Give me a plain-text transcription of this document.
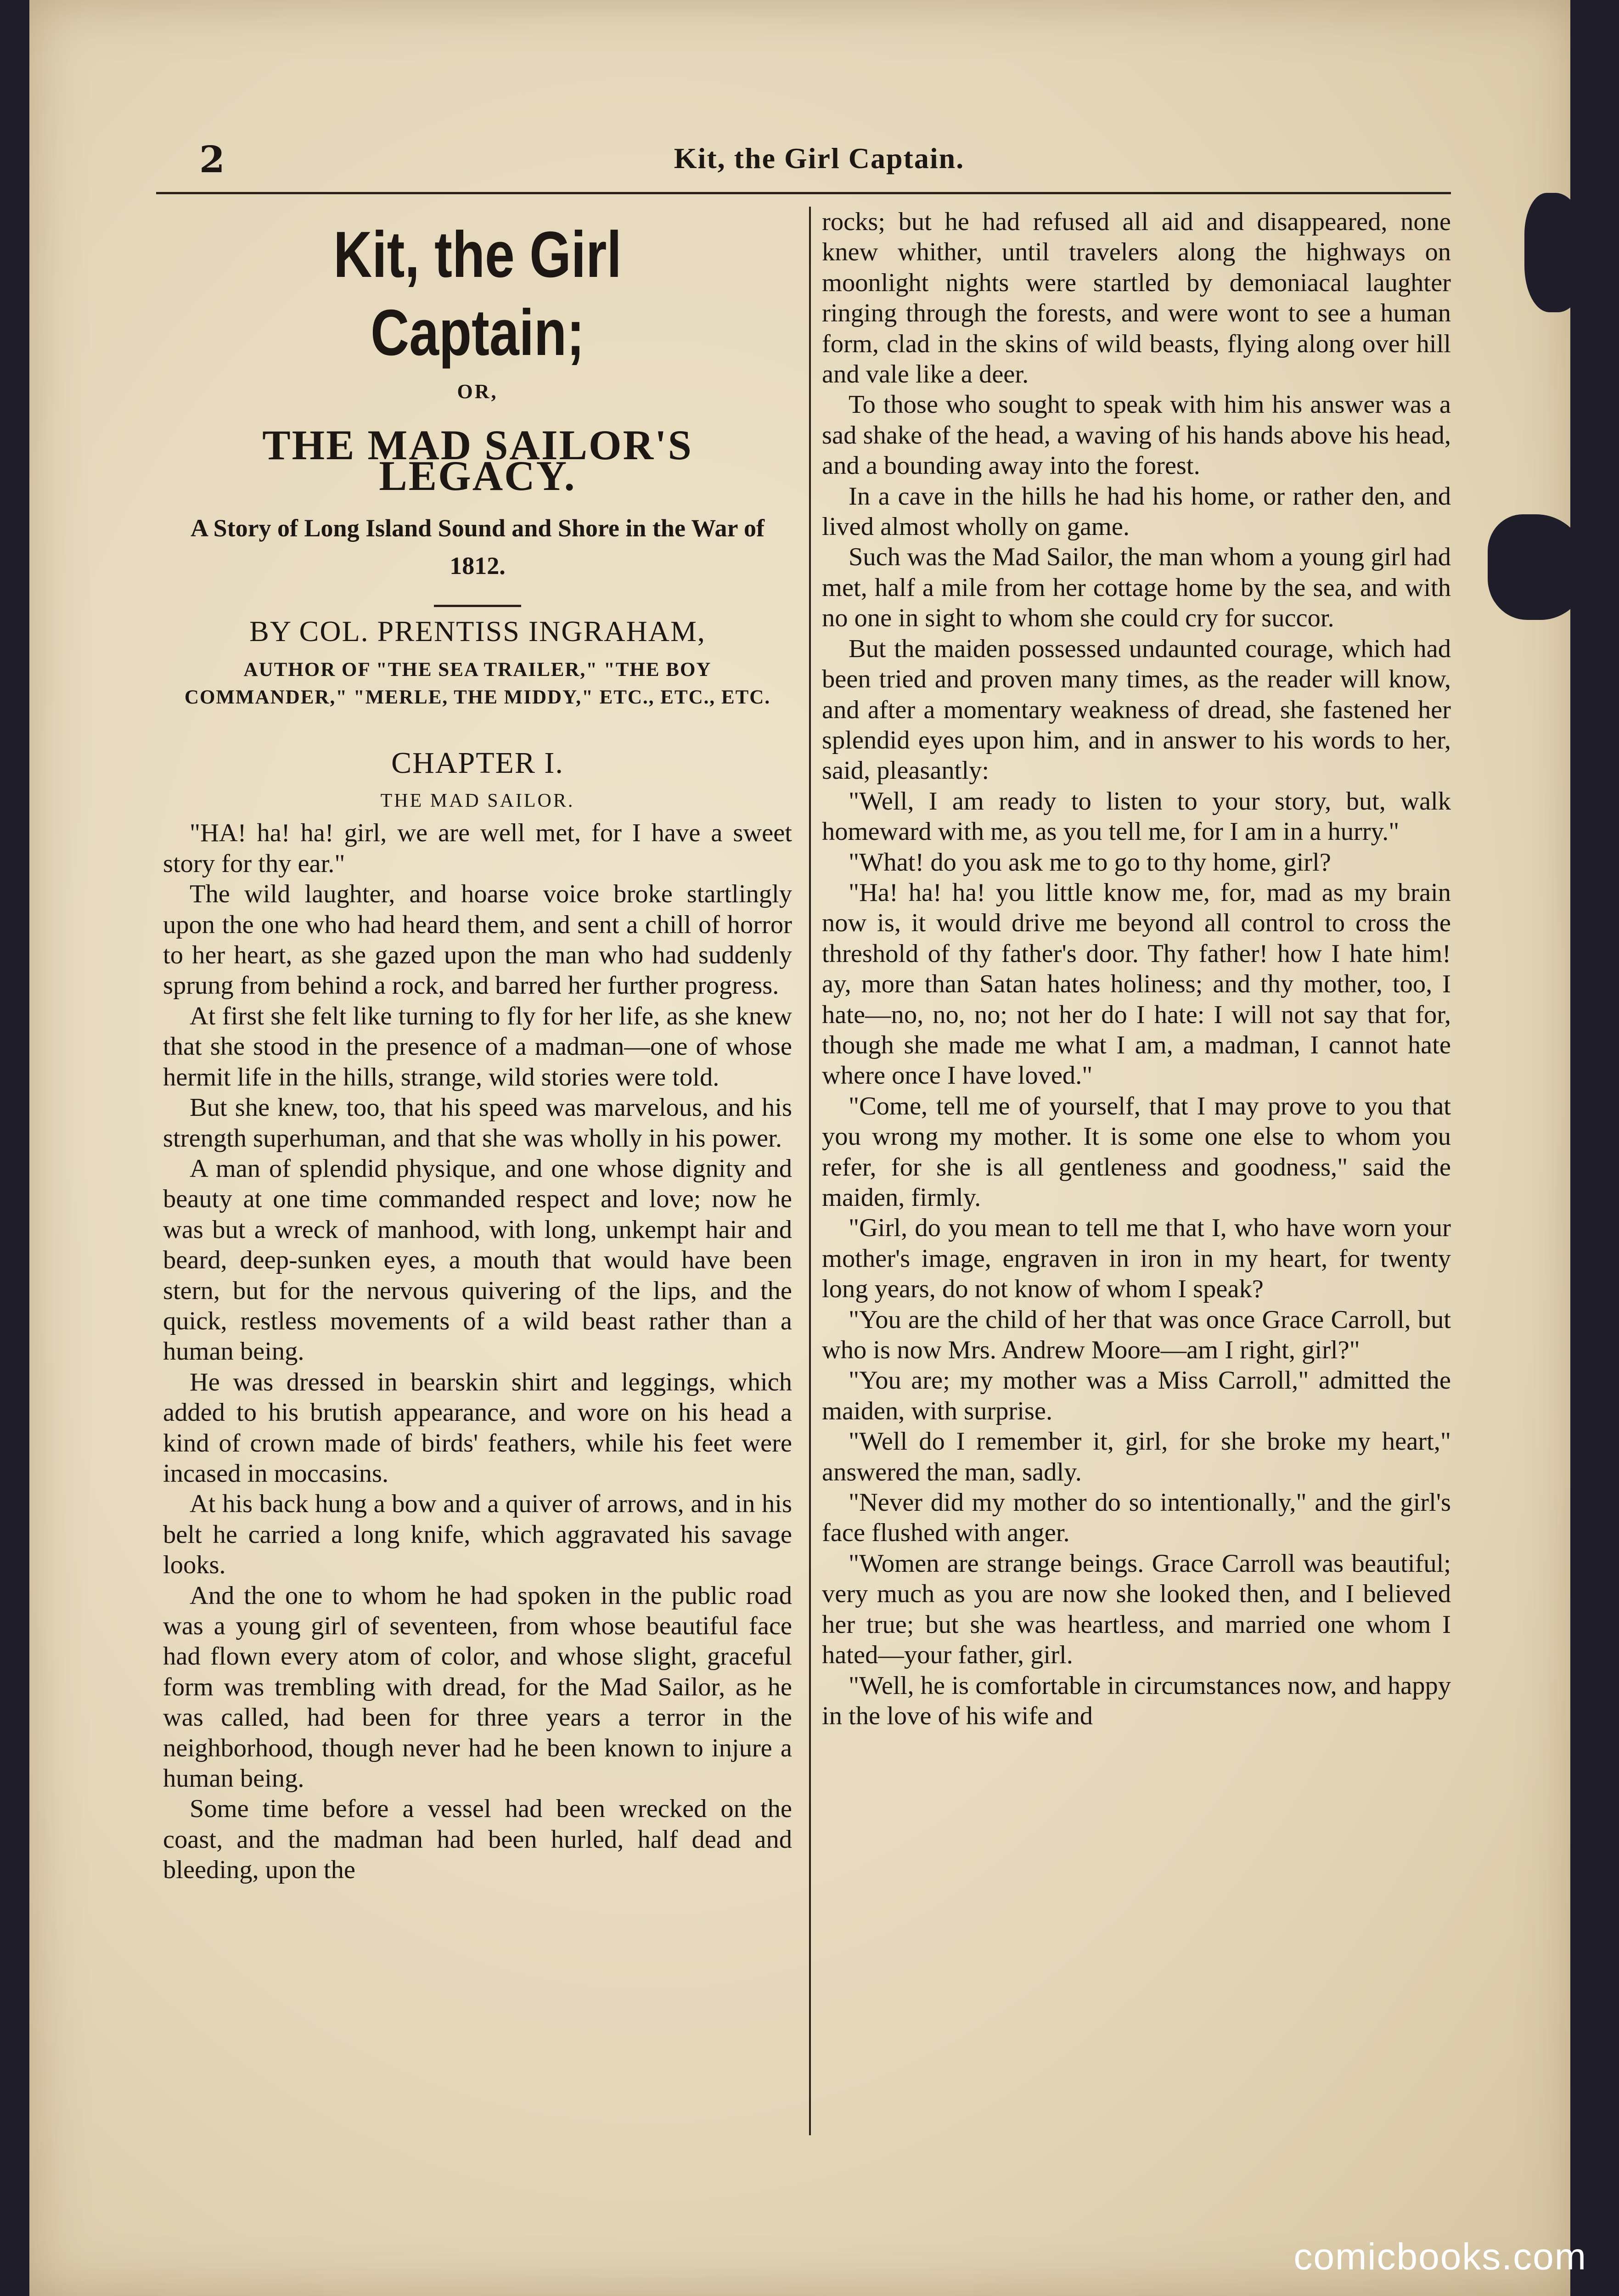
2	Kit, the Girl Captain.
Kit, the Girl Captain;
OR,
THE MAD SAILOR'S LEGACY.
A Story of Long Island Sound and Shore in the War of 1812.
BY COL. PRENTISS INGRAHAM,
AUTHOR OF "THE SEA TRAILER," "THE BOY COMMANDER," "MERLE, THE MIDDY," ETC., ETC., ETC.
CHAPTER I.
THE MAD SAILOR.

"HA! ha! ha! girl, we are well met, for I have a sweet story for thy ear."

The wild laughter, and hoarse voice broke startlingly upon the one who had heard them, and sent a chill of horror to her heart, as she gazed upon the man who had suddenly sprung from behind a rock, and barred her further progress.

At first she felt like turning to fly for her life, as she knew that she stood in the presence of a madman—one of whose hermit life in the hills, strange, wild stories were told.

But she knew, too, that his speed was marvelous, and his strength superhuman, and that she was wholly in his power.

A man of splendid physique, and one whose dignity and beauty at one time commanded respect and love; now he was but a wreck of manhood, with long, unkempt hair and beard, deep-sunken eyes, a mouth that would have been stern, but for the nervous quivering of the lips, and the quick, restless movements of a wild beast rather than a human being.

He was dressed in bearskin shirt and leggings, which added to his brutish appearance, and wore on his head a kind of crown made of birds' feathers, while his feet were incased in moccasins.

At his back hung a bow and a quiver of arrows, and in his belt he carried a long knife, which aggravated his savage looks.

And the one to whom he had spoken in the public road was a young girl of seventeen, from whose beautiful face had flown every atom of color, and whose slight, graceful form was trembling with dread, for the Mad Sailor, as he was called, had been for three years a terror in the neighborhood, though never had he been known to injure a human being.

Some time before a vessel had been wrecked on the coast, and the madman had been hurled, half dead and bleeding, upon the

rocks; but he had refused all aid and disappeared, none knew whither, until travelers along the highways on moonlight nights were startled by demoniacal laughter ringing through the forests, and were wont to see a human form, clad in the skins of wild beasts, flying along over hill and vale like a deer.

To those who sought to speak with him his answer was a sad shake of the head, a waving of his hands above his head, and a bounding away into the forest.

In a cave in the hills he had his home, or rather den, and lived almost wholly on game.

Such was the Mad Sailor, the man whom a young girl had met, half a mile from her cottage home by the sea, and with no one in sight to whom she could cry for succor.

But the maiden possessed undaunted courage, which had been tried and proven many times, as the reader will know, and after a momentary weakness of dread, she fastened her splendid eyes upon him, and in answer to his words to her, said, pleasantly:

"Well, I am ready to listen to your story, but, walk homeward with me, as you tell me, for I am in a hurry."

"What! do you ask me to go to thy home, girl?

"Ha! ha! ha! you little know me, for, mad as my brain now is, it would drive me beyond all control to cross the threshold of thy father's door. Thy father! how I hate him! ay, more than Satan hates holiness; and thy mother, too, I hate—no, no, no; not her do I hate: I will not say that for, though she made me what I am, a madman, I cannot hate where once I have loved."

"Come, tell me of yourself, that I may prove to you that you wrong my mother. It is some one else to whom you refer, for she is all gentleness and goodness," said the maiden, firmly.

"Girl, do you mean to tell me that I, who have worn your mother's image, engraven in iron in my heart, for twenty long years, do not know of whom I speak?

"You are the child of her that was once Grace Carroll, but who is now Mrs. Andrew Moore—am I right, girl?"

"You are; my mother was a Miss Carroll," admitted the maiden, with surprise.

"Well do I remember it, girl, for she broke my heart," answered the man, sadly.

"Never did my mother do so intentionally," and the girl's face flushed with anger.

"Women are strange beings. Grace Carroll was beautiful; very much as you are now she looked then, and I believed her true; but she was heartless, and married one whom I hated—your father, girl.

"Well, he is comfortable in circumstances now, and happy in the love of his wife and

comicbooks.com
